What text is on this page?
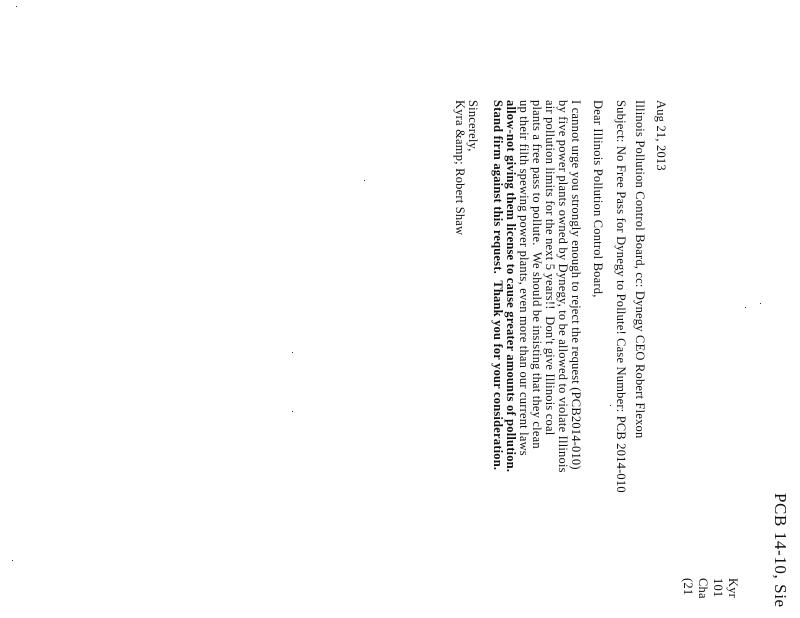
PCB 14-10, Sie
Kyr
101
Cha
(21
Aug 21, 2013
Illinois Pollution Control Board, cc: Dynegy CEO Robert Flexon
Subject: No Free Pass for Dynegy to Pollute! Case Number: PCB 2014-010
Dear Illinois Pollution Control Board,
I cannot urge you strongly enough to reject the request (PCB2014-010)
by five power plants owned by Dynegy, to be allowed to violate Illinois
air pollution limits for the next 5 years!!  Don't give Illinois coal
plants a free pass to pollute.  We should be insisting that they clean
up their filth spewing power plants, even more than our current laws
allow-not giving them license to cause greater amounts of pollution.
Stand firm against this request.  Thank you for your consideration.
Sincerely,
Kyra &amp; Robert Shaw
